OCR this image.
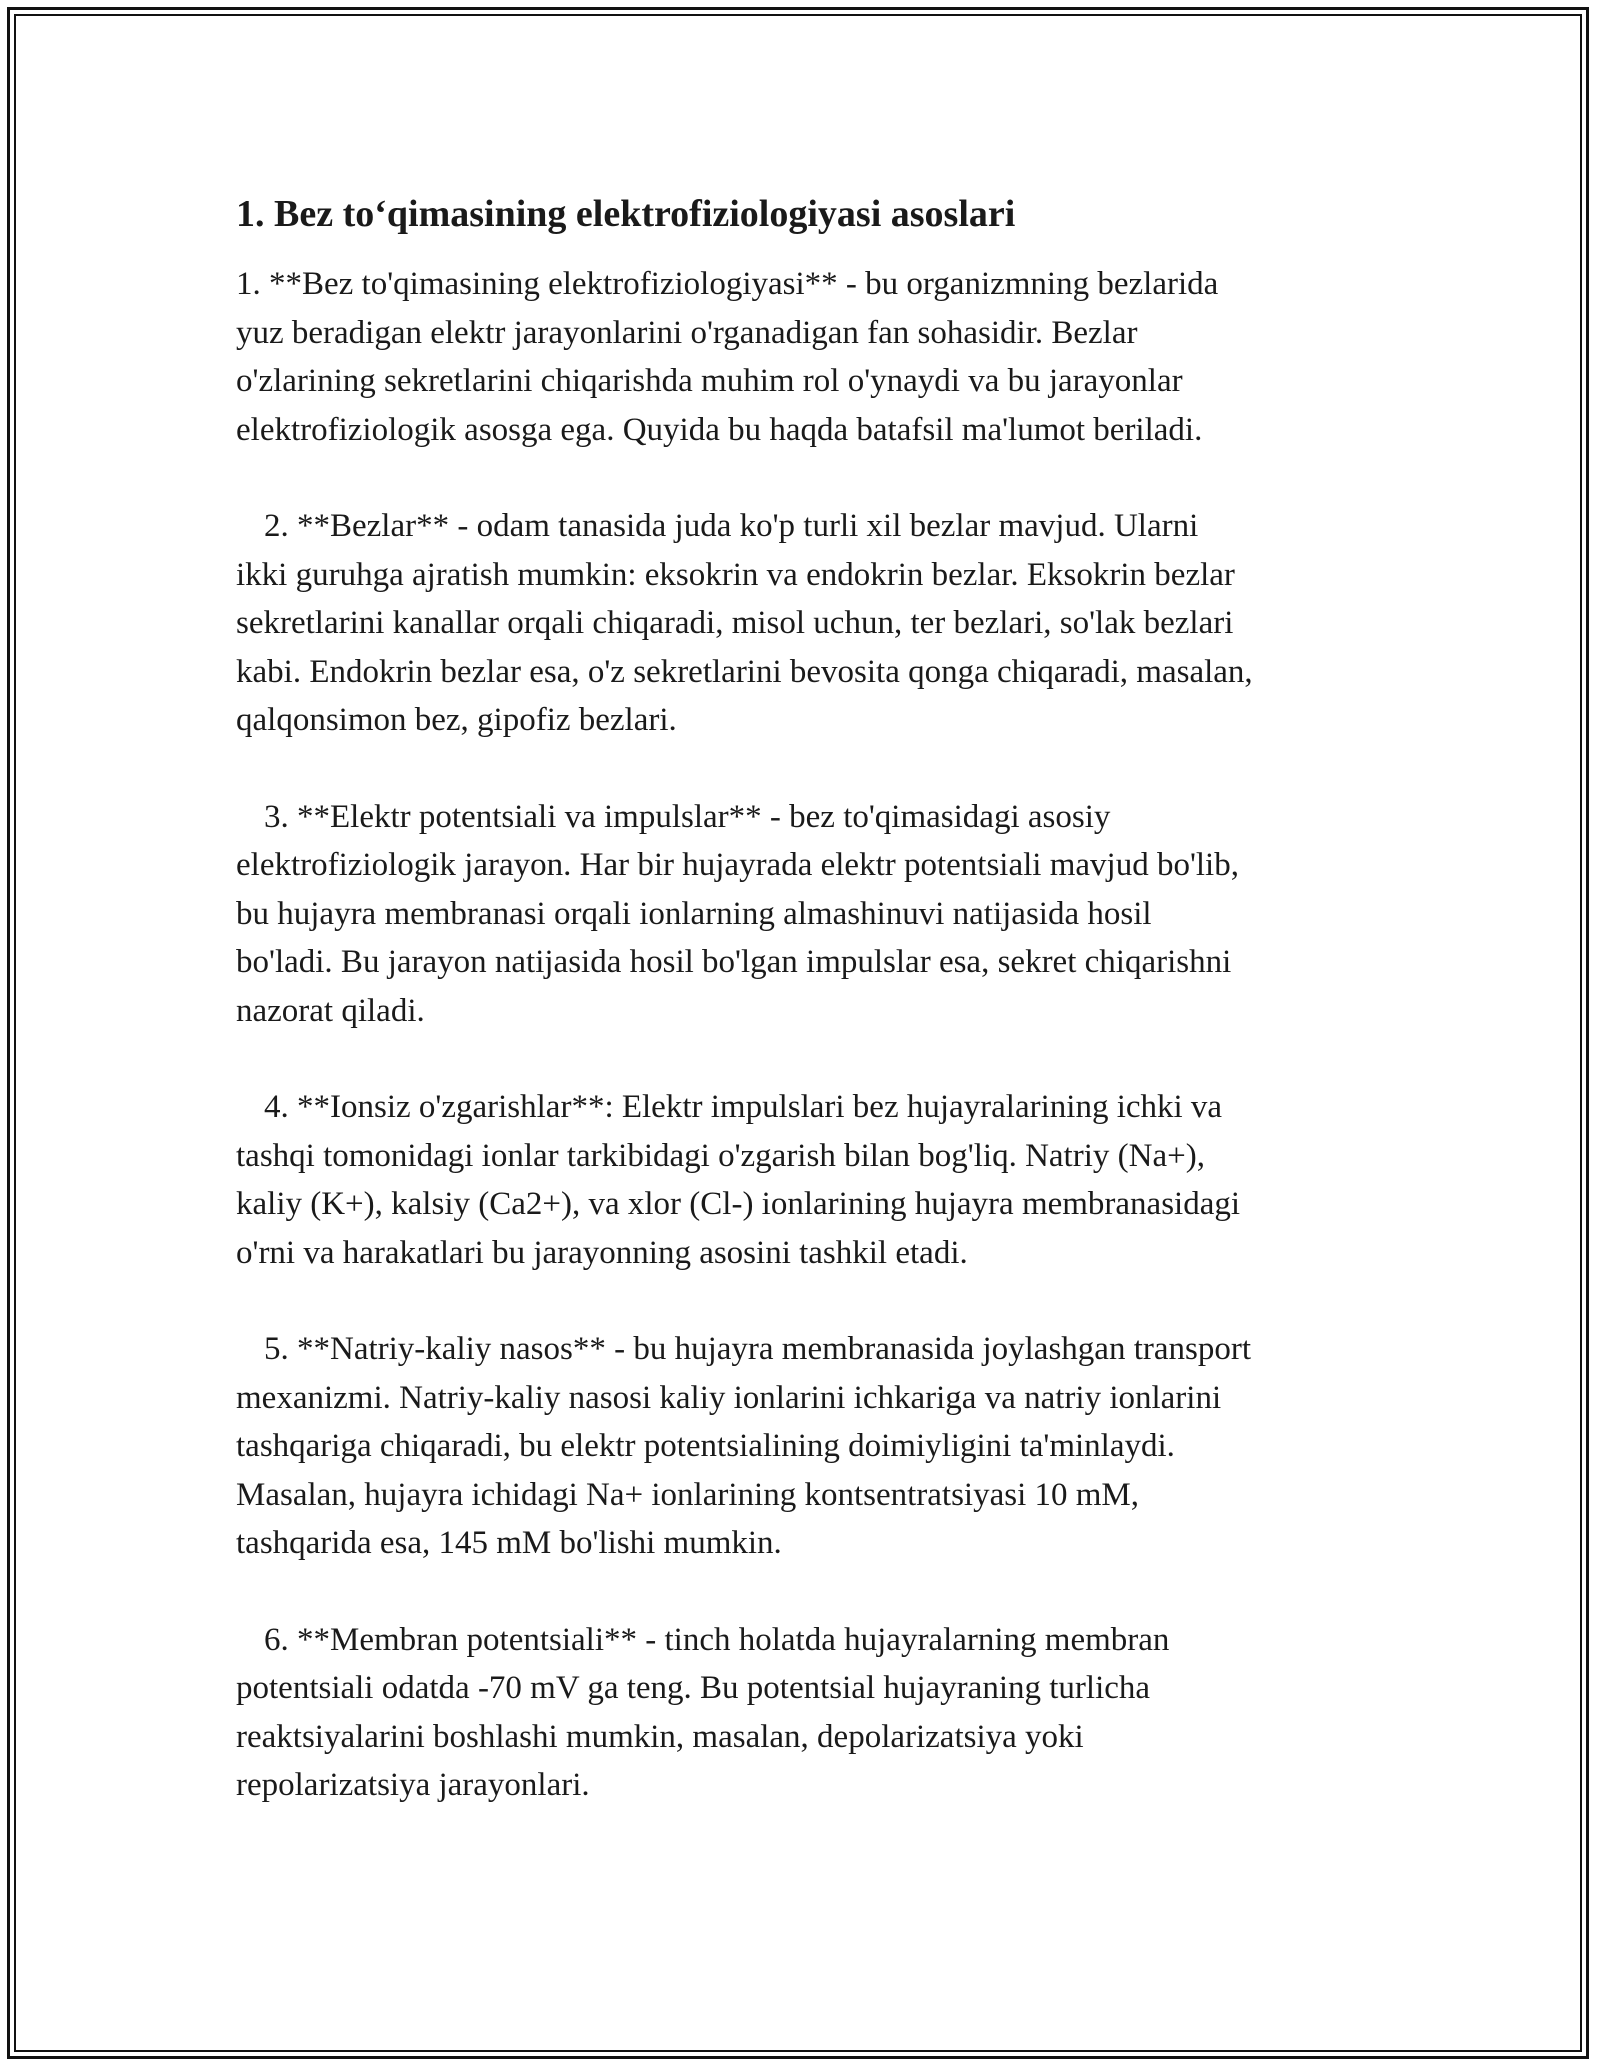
1. Bez to‘qimasining elektrofiziologiyasi asoslari

1. **Bez to'qimasining elektrofiziologiyasi** - bu organizmning bezlarida
yuz beradigan elektr jarayonlarini o'rganadigan fan sohasidir. Bezlar
o'zlarining sekretlarini chiqarishda muhim rol o'ynaydi va bu jarayonlar
elektrofiziologik asosga ega. Quyida bu haqda batafsil ma'lumot beriladi.

2. **Bezlar** - odam tanasida juda ko'p turli xil bezlar mavjud. Ularni
ikki guruhga ajratish mumkin: eksokrin va endokrin bezlar. Eksokrin bezlar
sekretlarini kanallar orqali chiqaradi, misol uchun, ter bezlari, so'lak bezlari
kabi. Endokrin bezlar esa, o'z sekretlarini bevosita qonga chiqaradi, masalan,
qalqonsimon bez, gipofiz bezlari.

3. **Elektr potentsiali va impulslar** - bez to'qimasidagi asosiy
elektrofiziologik jarayon. Har bir hujayrada elektr potentsiali mavjud bo'lib,
bu hujayra membranasi orqali ionlarning almashinuvi natijasida hosil
bo'ladi. Bu jarayon natijasida hosil bo'lgan impulslar esa, sekret chiqarishni
nazorat qiladi.

4. **Ionsiz o'zgarishlar**: Elektr impulslari bez hujayralarining ichki va
tashqi tomonidagi ionlar tarkibidagi o'zgarish bilan bog'liq. Natriy (Na+),
kaliy (K+), kalsiy (Ca2+), va xlor (Cl-) ionlarining hujayra membranasidagi
o'rni va harakatlari bu jarayonning asosini tashkil etadi.

5. **Natriy-kaliy nasos** - bu hujayra membranasida joylashgan transport
mexanizmi. Natriy-kaliy nasosi kaliy ionlarini ichkariga va natriy ionlarini
tashqariga chiqaradi, bu elektr potentsialining doimiyligini ta'minlaydi.
Masalan, hujayra ichidagi Na+ ionlarining kontsentratsiyasi 10 mM,
tashqarida esa, 145 mM bo'lishi mumkin.

6. **Membran potentsiali** - tinch holatda hujayralarning membran
potentsiali odatda -70 mV ga teng. Bu potentsial hujayraning turlicha
reaktsiyalarini boshlashi mumkin, masalan, depolarizatsiya yoki
repolarizatsiya jarayonlari.
